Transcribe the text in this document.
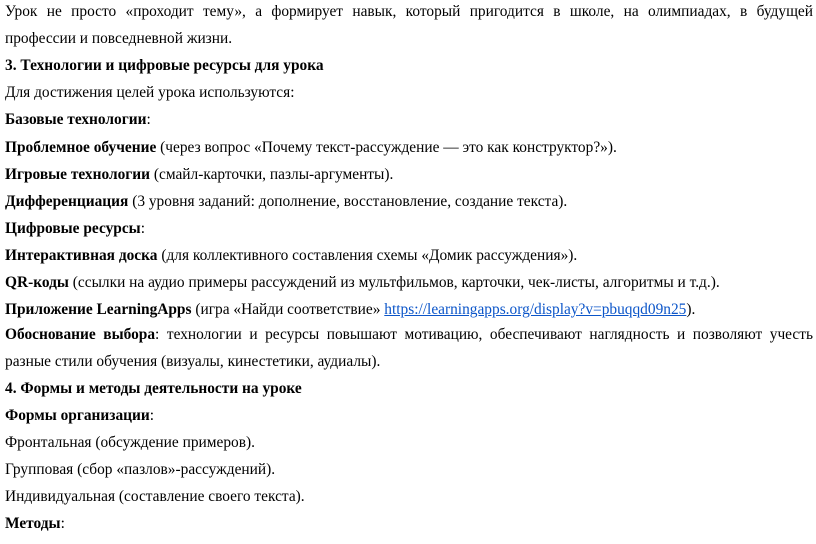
Урок не просто «проходит тему», а формирует навык, который пригодится в школе, на олимпиадах, в будущей
профессии и повседневной жизни.
3. Технологии и цифровые ресурсы для урока
Для достижения целей урока используются:
Базовые технологии:
Проблемное обучение (через вопрос «Почему текст-рассуждение — это как конструктор?»).
Игровые технологии (смайл-карточки, пазлы-аргументы).
Дифференциация (3 уровня заданий: дополнение, восстановление, создание текста).
Цифровые ресурсы:
Интерактивная доска (для коллективного составления схемы «Домик рассуждения»).
QR-коды (ссылки на аудио примеры рассуждений из мультфильмов, карточки, чек-листы, алгоритмы и т.д.).
Приложение LearningApps (игра «Найди соответствие» https://learningapps.org/display?v=pbuqqd09n25).
Обоснование выбора: технологии и ресурсы повышают мотивацию, обеспечивают наглядность и позволяют учесть
разные стили обучения (визуалы, кинестетики, аудиалы).
4. Формы и методы деятельности на уроке
Формы организации:
Фронтальная (обсуждение примеров).
Групповая (сбор «пазлов»-рассуждений).
Индивидуальная (составление своего текста).
Методы:
